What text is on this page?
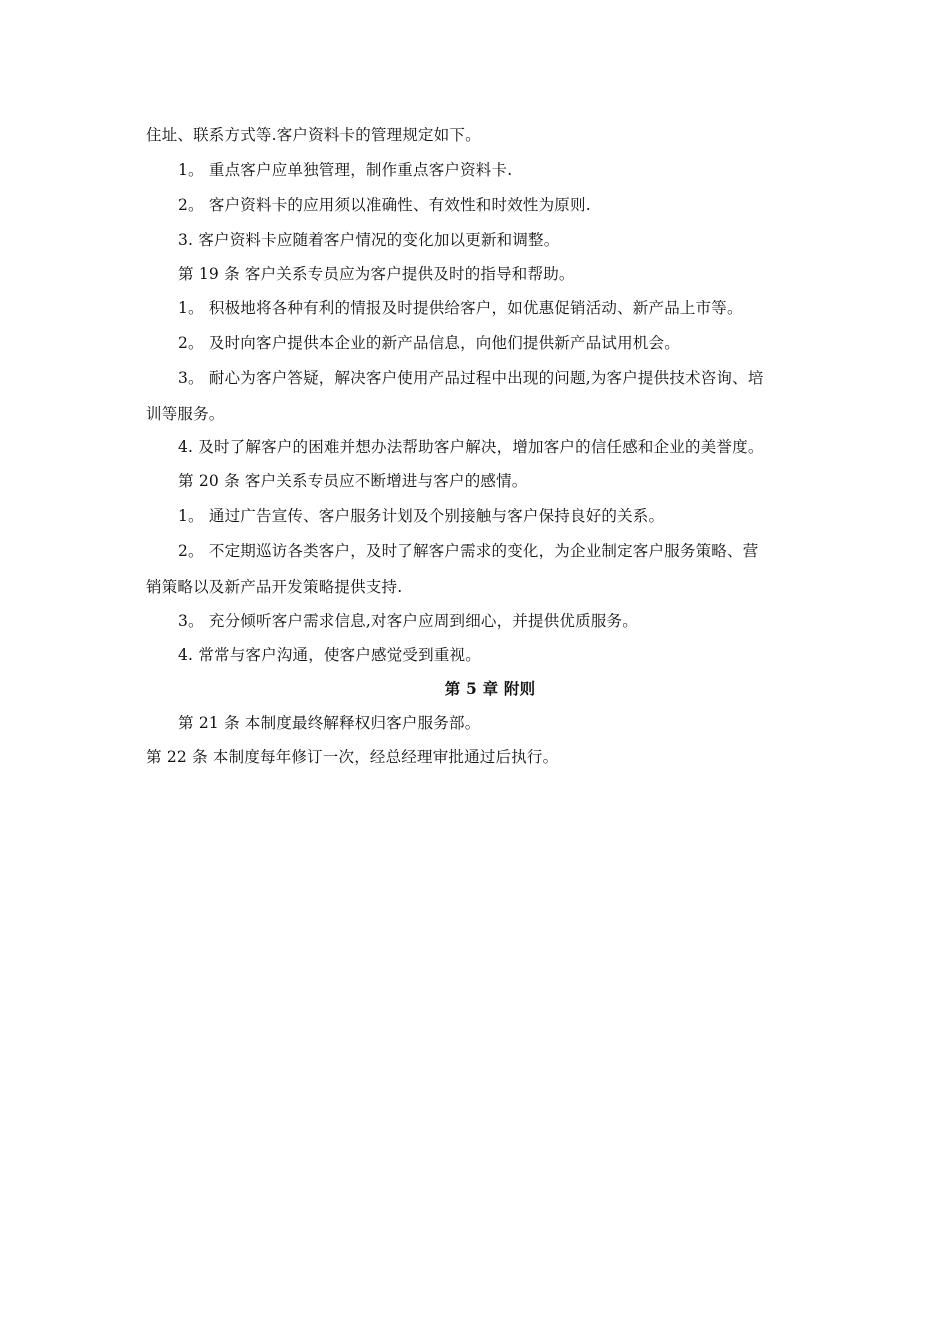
住址、联系方式等.客户资料卡的管理规定如下。
1。 重点客户应单独管理，制作重点客户资料卡.
2。 客户资料卡的应用须以准确性、有效性和时效性为原则.
3. 客户资料卡应随着客户情况的变化加以更新和调整。
第 19 条 客户关系专员应为客户提供及时的指导和帮助。
1。 积极地将各种有利的情报及时提供给客户，如优惠促销活动、新产品上市等。
2。 及时向客户提供本企业的新产品信息，向他们提供新产品试用机会。
3。 耐心为客户答疑，解决客户使用产品过程中出现的问题,为客户提供技术咨询、培
训等服务。
4. 及时了解客户的困难并想办法帮助客户解决，增加客户的信任感和企业的美誉度。
第 20 条 客户关系专员应不断增进与客户的感情。
1。 通过广告宣传、客户服务计划及个别接触与客户保持良好的关系。
2。 不定期巡访各类客户，及时了解客户需求的变化，为企业制定客户服务策略、营
销策略以及新产品开发策略提供支持.
3。 充分倾听客户需求信息,对客户应周到细心，并提供优质服务。
4. 常常与客户沟通，使客户感觉受到重视。
第 5 章 附则
第 21 条 本制度最终解释权归客户服务部。
第 22 条 本制度每年修订一次，经总经理审批通过后执行。
